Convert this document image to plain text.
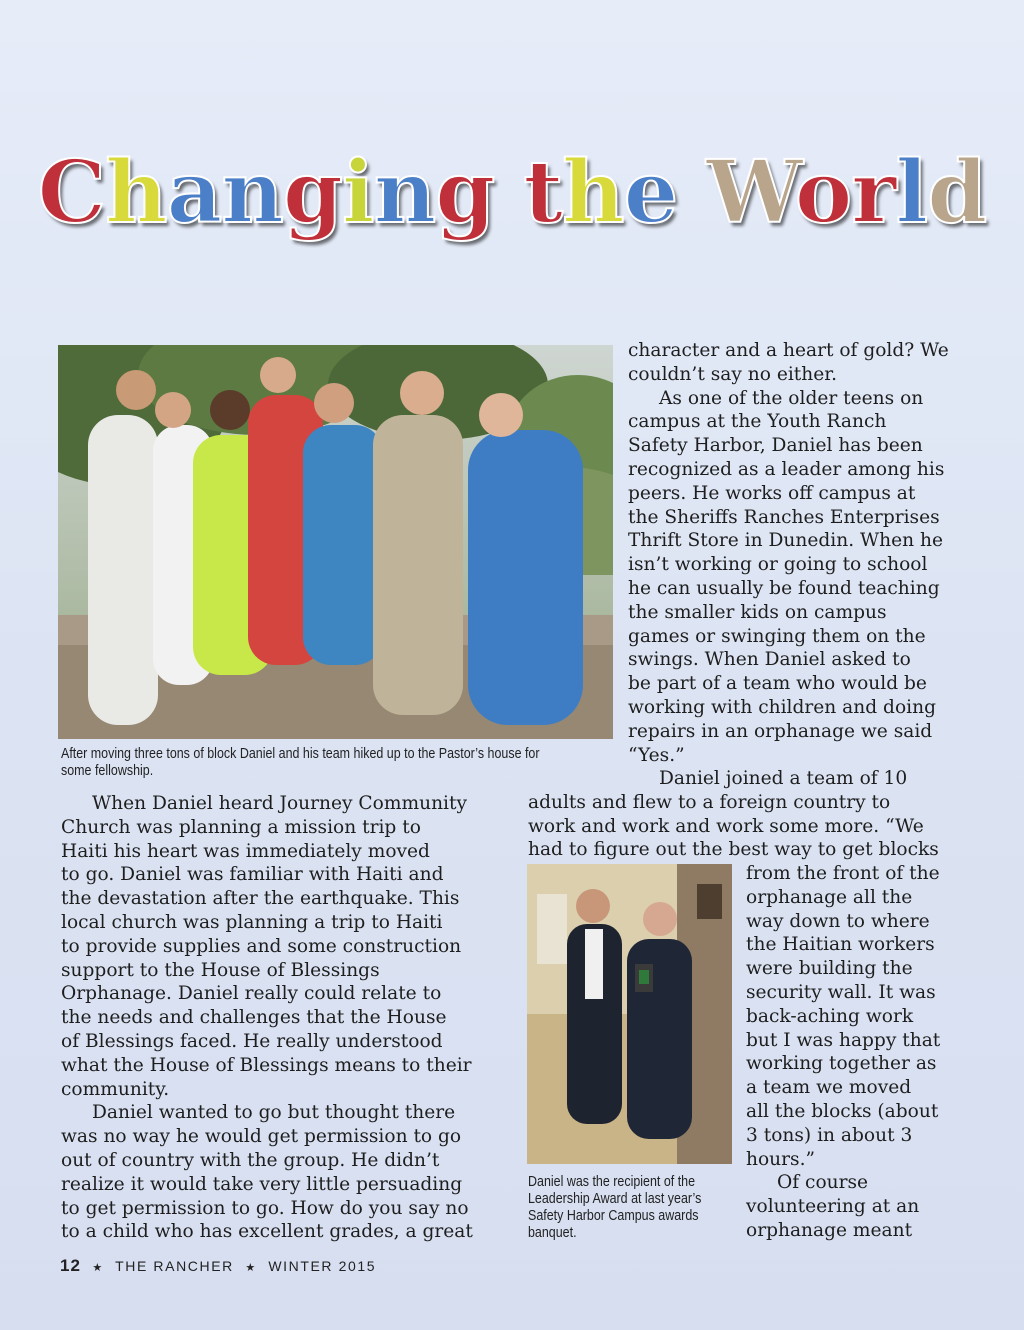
Changing the World
After moving three tons of block Daniel and his team hiked up to the Pastor’s house for
some fellowship.
Daniel was the recipient of the
Leadership Award at last year’s
Safety Harbor Campus awards
banquet.
When Daniel heard Journey Community
Church was planning a mission trip to
Haiti his heart was immediately moved
to go. Daniel was familiar with Haiti and
the devastation after the earthquake. This
local church was planning a trip to Haiti
to provide supplies and some construction
support to the House of Blessings
Orphanage. Daniel really could relate to
the needs and challenges that the House
of Blessings faced. He really understood
what the House of Blessings means to their
community.
Daniel wanted to go but thought there
was no way he would get permission to go
out of country with the group. He didn’t
realize it would take very little persuading
to get permission to go. How do you say no
to a child who has excellent grades, a great
character and a heart of gold? We
couldn’t say no either.
As one of the older teens on
campus at the Youth Ranch
Safety Harbor, Daniel has been
recognized as a leader among his
peers. He works off campus at
the Sheriffs Ranches Enterprises
Thrift Store in Dunedin. When he
isn’t working or going to school
he can usually be found teaching
the smaller kids on campus
games or swinging them on the
swings. When Daniel asked to
be part of a team who would be
working with children and doing
repairs in an orphanage we said
“Yes.”
Daniel joined a team of 10
adults and flew to a foreign country to
work and work and work some more. “We
had to figure out the best way to get blocks
from the front of the
orphanage all the
way down to where
the Haitian workers
were building the
security wall. It was
back-aching work
but I was happy that
working together as
a team we moved
all the blocks (about
3 tons) in about 3
hours.”
Of course
volunteering at an
orphanage meant
12 ★ THE RANCHER ★ WINTER 2015
